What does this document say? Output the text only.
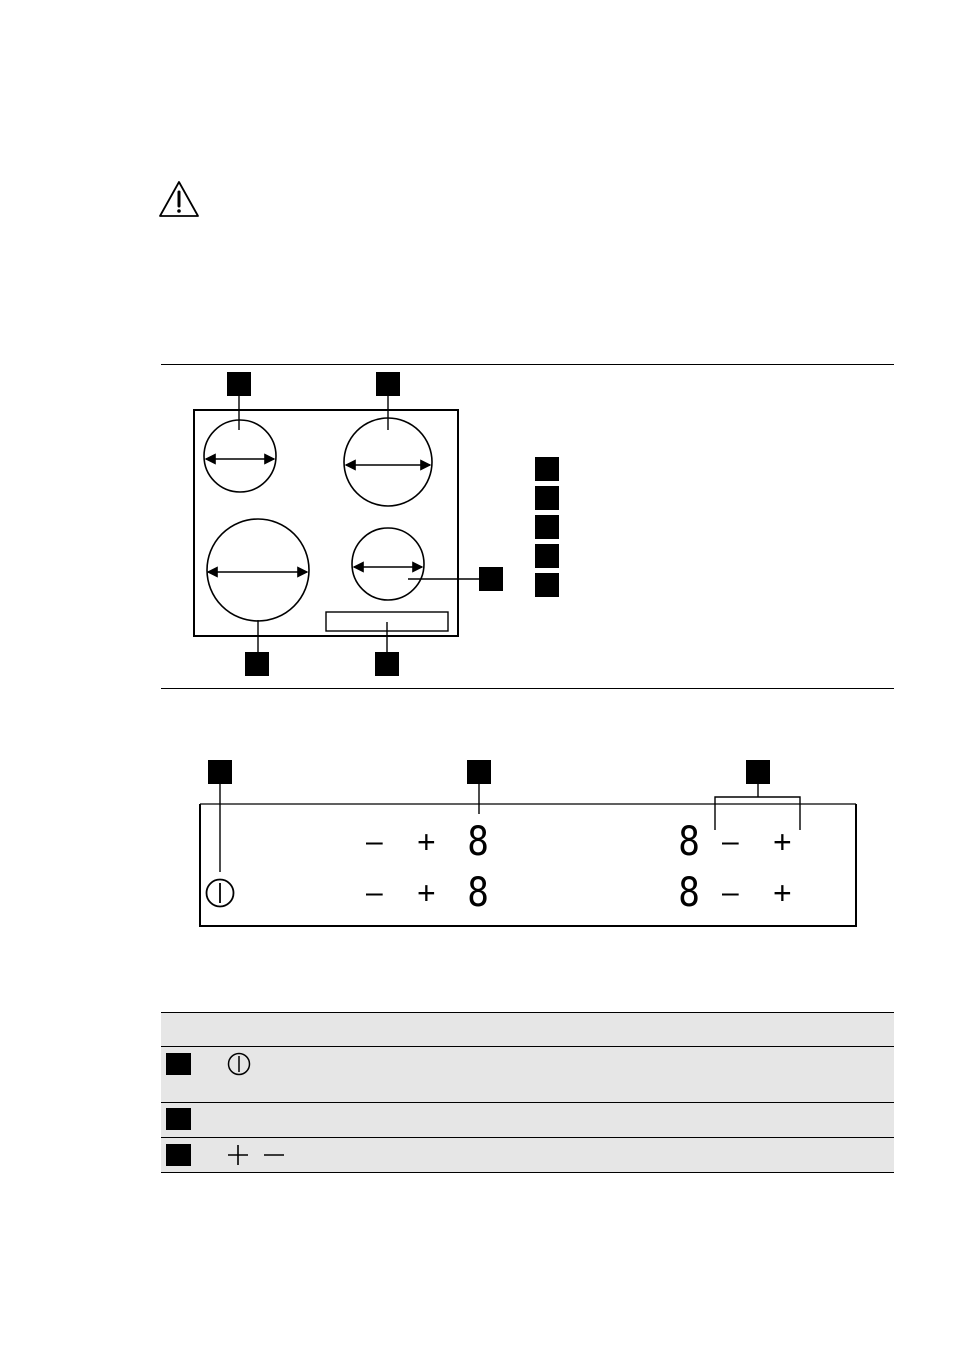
– + 8	8 – +
– + 8	8 – +
